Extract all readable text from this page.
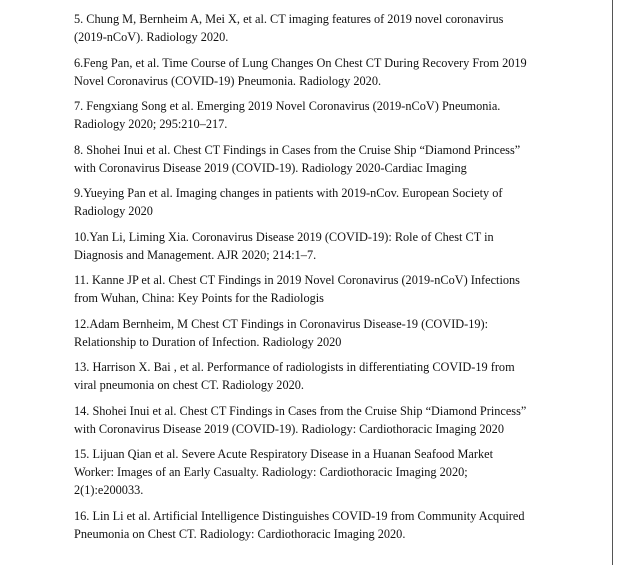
5. Chung M, Bernheim A, Mei X, et al. CT imaging features of 2019 novel coronavirus
(2019-nCoV). Radiology 2020.

6.Feng Pan, et al. Time Course of Lung Changes On Chest CT During Recovery From 2019
Novel Coronavirus (COVID-19) Pneumonia. Radiology 2020.

7. Fengxiang Song et al. Emerging 2019 Novel Coronavirus (2019-nCoV) Pneumonia.
Radiology 2020; 295:210–217.

8. Shohei Inui et al. Chest CT Findings in Cases from the Cruise Ship “Diamond Princess”
with Coronavirus Disease 2019 (COVID-19). Radiology 2020-Cardiac Imaging

9.Yueying Pan et al. Imaging changes in patients with 2019-nCov. European Society of
Radiology 2020

10.Yan Li, Liming Xia. Coronavirus Disease 2019 (COVID-19): Role of Chest CT in
Diagnosis and Management. AJR 2020; 214:1–7.

11. Kanne JP et al. Chest CT Findings in 2019 Novel Coronavirus (2019-nCoV) Infections
from Wuhan, China: Key Points for the Radiologis

12.Adam Bernheim, M Chest CT Findings in Coronavirus Disease-19 (COVID-19):
Relationship to Duration of Infection. Radiology 2020

13. Harrison X. Bai , et al. Performance of radiologists in differentiating COVID-19 from
viral pneumonia on chest CT. Radiology 2020.

14. Shohei Inui et al. Chest CT Findings in Cases from the Cruise Ship “Diamond Princess”
with Coronavirus Disease 2019 (COVID-19). Radiology: Cardiothoracic Imaging 2020

15. Lijuan Qian et al. Severe Acute Respiratory Disease in a Huanan Seafood Market
Worker: Images of an Early Casualty. Radiology: Cardiothoracic Imaging 2020;
2(1):e200033.

16. Lin Li et al. Artificial Intelligence Distinguishes COVID-19 from Community Acquired
Pneumonia on Chest CT. Radiology: Cardiothoracic Imaging 2020.
